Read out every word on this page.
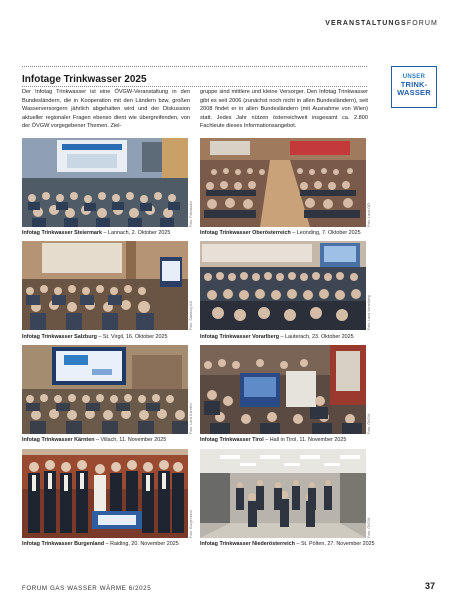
VERANSTALTUNGSFORUM
Infotage Trinkwasser 2025
Der Infotag Trinkwasser ist eine ÖVGW-Veranstaltung in den Bundesländern, die in Kooperation mit den Ländern bzw. großen Wasserversorgern jährlich abgehalten wird und der Diskussion aktueller regionaler Fragen ebenso dient wie übergreifenden, von der ÖVGW vorgegebener Themen. Ziel-
gruppe sind mittlere und kleine Versorger. Den Infotag Trinkwasser gibt es seit 2006 (zunächst noch nicht in allen Bundesländern), seit 2008 findet er in allen Bundesländern (mit Ausnahme von Wien) statt. Jedes Jahr nützen österreichweit insgesamt ca. 2.800 Fachleute dieses Informationsangebot.
UNSER
TRINK-
WASSER
Foto: Fotostudio
Infotag Trinkwasser Steiermark – Lannach, 2. Oktober 2025
Foto: Land OÖ
Infotag Trinkwasser Oberösterreich – Leonding, 7. Oktober 2025
Foto: Salzburg AG
Infotag Trinkwasser Salzburg – St. Virgil, 16. Oktober 2025
Foto: Land Vorarlberg
Infotag Trinkwasser Vorarlberg – Lauterach, 23. Oktober 2025
Foto: Land Kärnten
Infotag Trinkwasser Kärnten – Villach, 11. November 2025
Foto: ÖVGW
Infotag Trinkwasser Tirol – Hall in Tirol, 11. November 2025
Foto: Burgenland
Infotag Trinkwasser Burgenland – Raiding, 20. November 2025
Foto: ÖVGW
Infotag Trinkwasser Niederösterreich – St. Pölten, 27. November 2025
FORUM GAS WASSER WÄRME 6/2025	37
